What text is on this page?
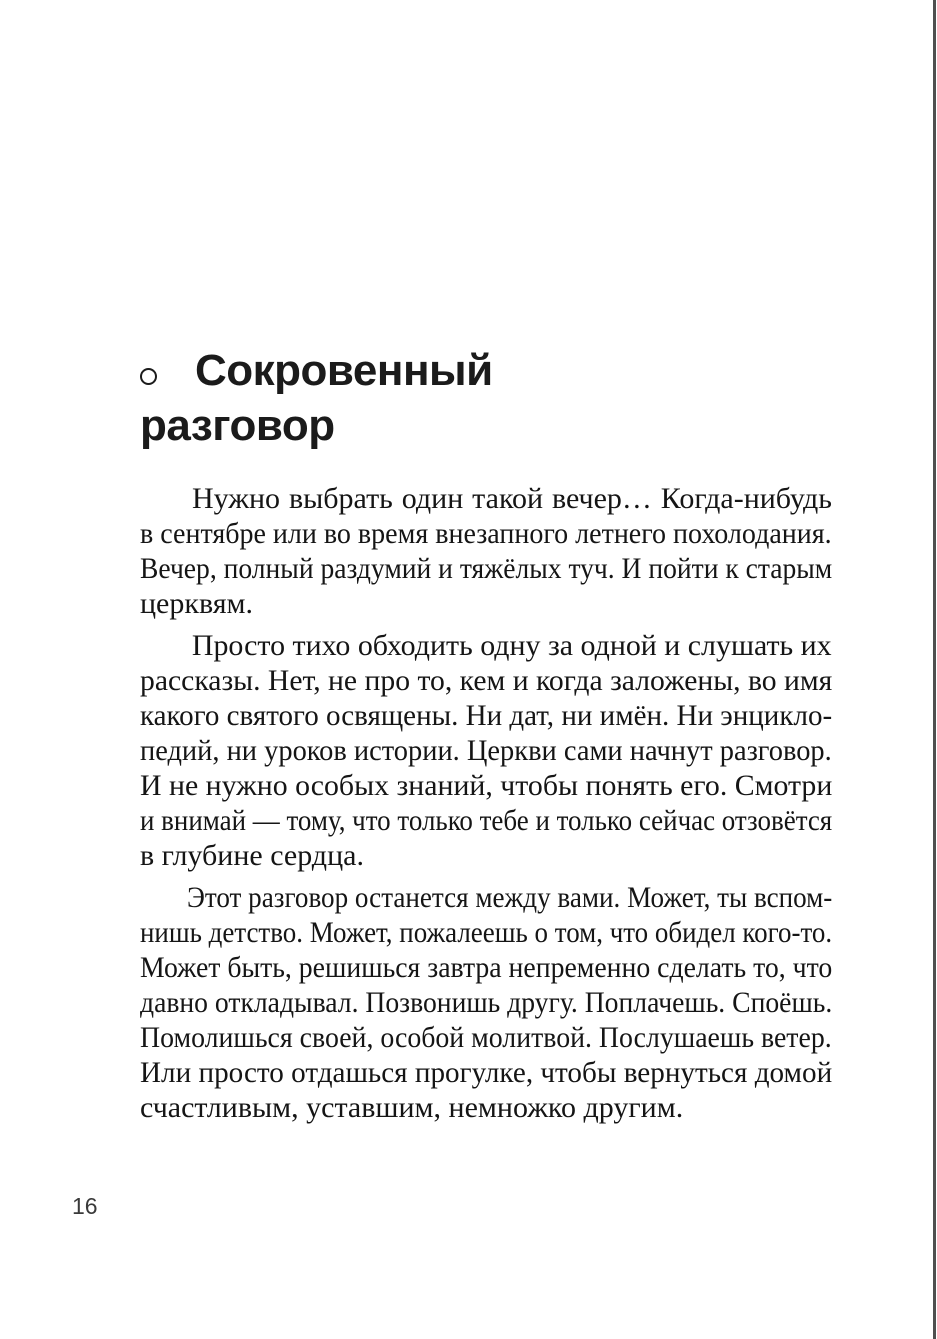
Сокровенный
разговор
Нужно выбрать один такой вечер… Когда-нибудь
в сентябре или во время внезапного летнего похолодания.
Вечер, полный раздумий и тяжёлых туч. И пойти к старым
церквям.
Просто тихо обходить одну за одной и слушать их
рассказы. Нет, не про то, кем и когда заложены, во имя
какого святого освящены. Ни дат, ни имён. Ни энцикло-
педий, ни уроков истории. Церкви сами начнут разговор.
И не нужно особых знаний, чтобы понять его. Смотри
и внимай — тому, что только тебе и только сейчас отзовётся
в глубине сердца.
Этот разговор останется между вами. Может, ты вспом-
нишь детство. Может, пожалеешь о том, что обидел кого-то.
Может быть, решишься завтра непременно сделать то, что
давно откладывал. Позвонишь другу. Поплачешь. Споёшь.
Помолишься своей, особой молитвой. Послушаешь ветер.
Или просто отдашься прогулке, чтобы вернуться домой
счастливым, уставшим, немножко другим.
16
